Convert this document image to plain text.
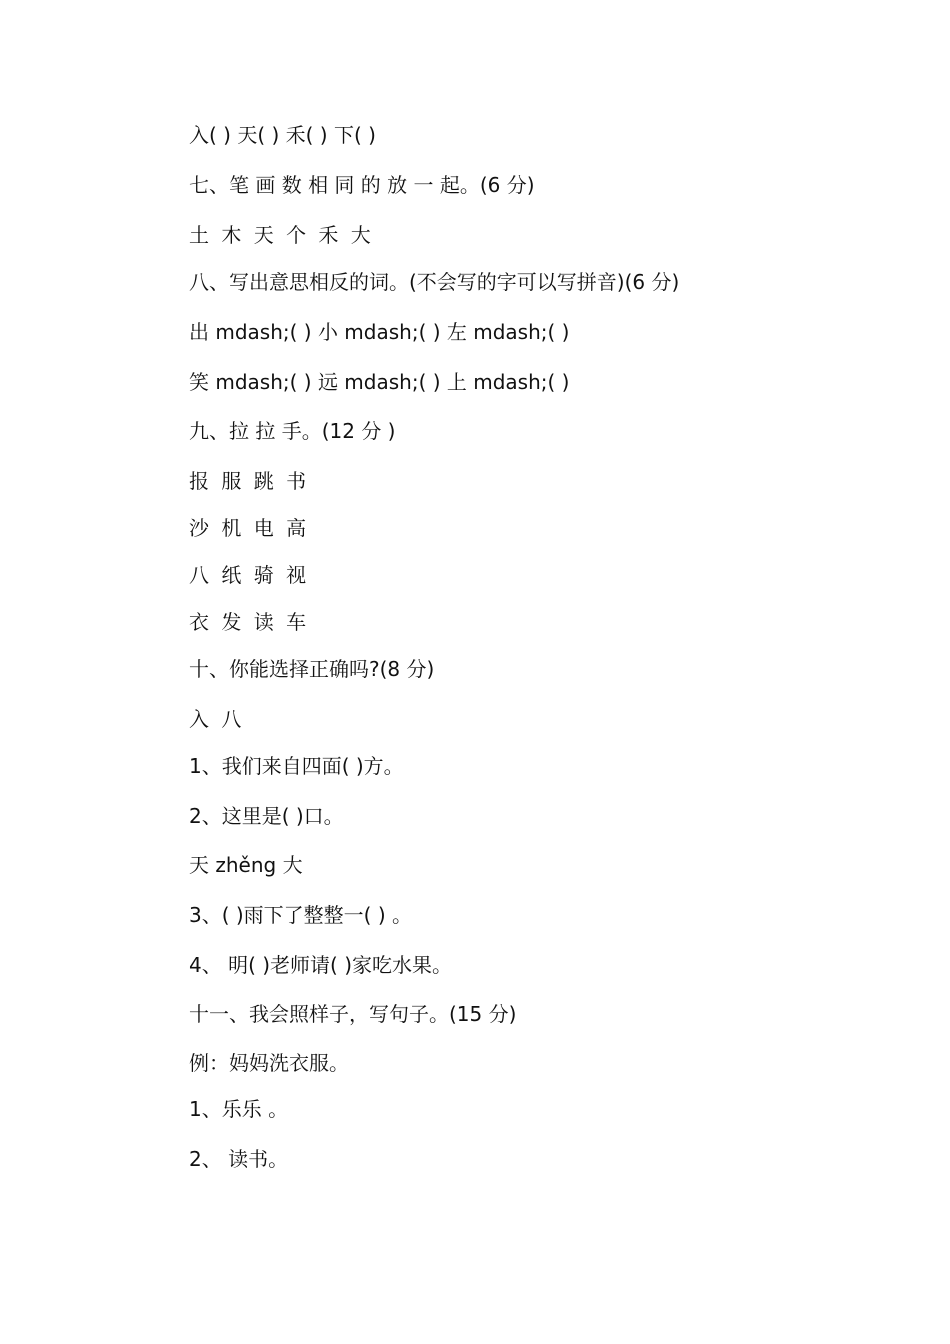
入( ) 天( ) 禾( ) 下( )
七、笔 画 数 相 同 的 放 一 起。(6 分)
土 木 天 个 禾 大
八、写出意思相反的词。(不会写的字可以写拼音)(6 分)
出 mdash;( ) 小 mdash;( ) 左 mdash;( )
笑 mdash;( ) 远 mdash;( ) 上 mdash;( )
九、拉 拉 手。(12 分 )
报 服 跳 书
沙 机 电 高
八 纸 骑 视
衣 发 读 车
十、你能选择正确吗?(8 分)
入 八
1、我们来自四面( )方。
2、这里是( )口。
天 zhěng 大
3、( )雨下了整整一( ) 。
4、 明( )老师请( )家吃水果。
十一、我会照样子，写句子。(15 分)
例：妈妈洗衣服。
1、乐乐 。
2、 读书。
